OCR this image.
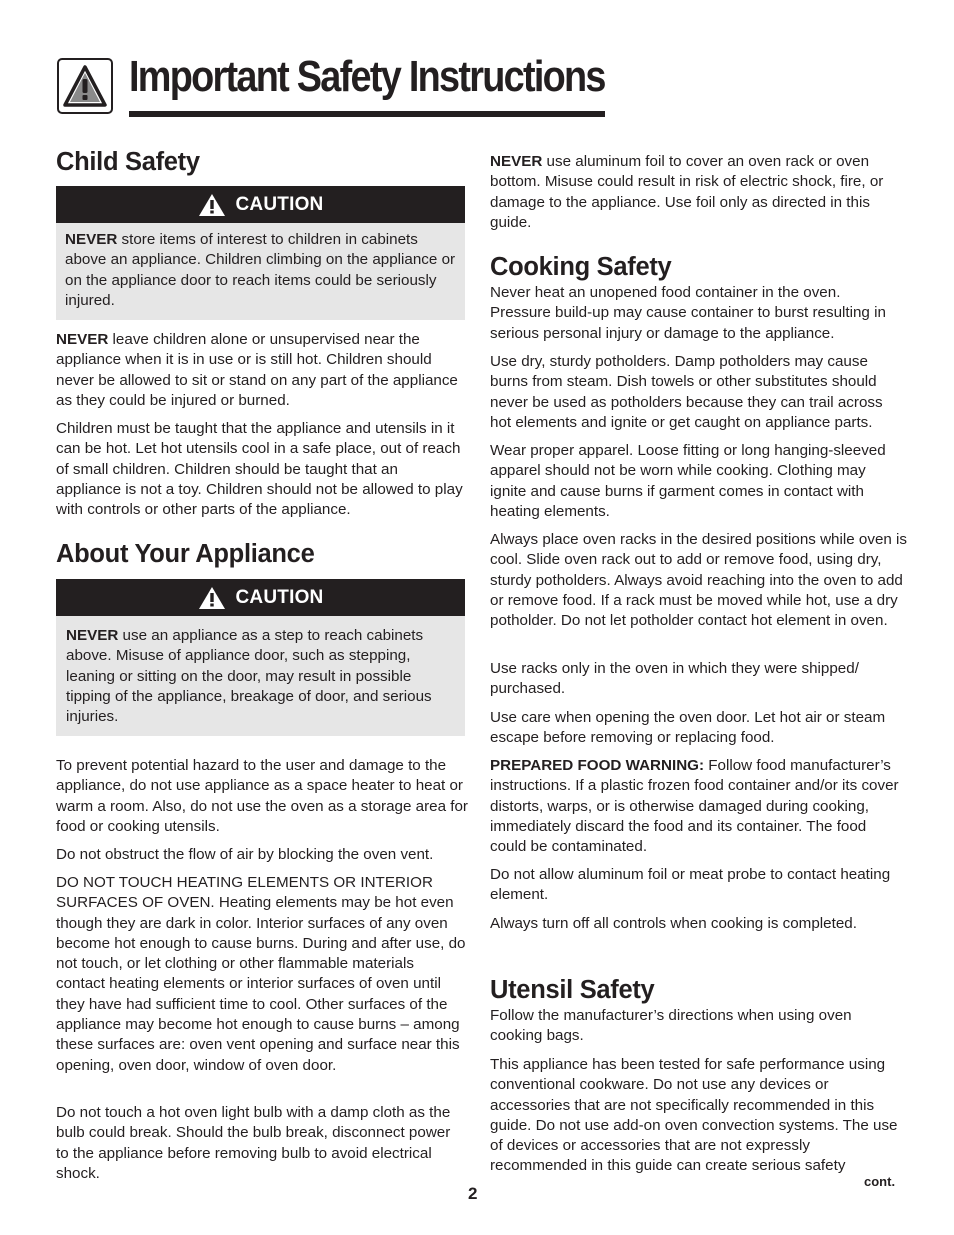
Important Safety Instructions
Child Safety
CAUTION

NEVER store items of interest to children in cabinets above an appliance. Children climbing on the appliance or on the appliance door to reach items could be seriously injured.

NEVER leave children alone or unsupervised near the appliance when it is in use or is still hot. Children should never be allowed to sit or stand on any part of the appliance as they could be injured or burned.

Children must be taught that the appliance and utensils in it can be hot. Let hot utensils cool in a safe place, out of reach of small children. Children should be taught that an appliance is not a toy. Children should not be allowed to play with controls or other parts of the appliance.

About Your Appliance
CAUTION

NEVER use an appliance as a step to reach cabinets above. Misuse of appliance door, such as stepping, leaning or sitting on the door, may result in possible tipping of the appliance, breakage of door, and serious injuries.

To prevent potential hazard to the user and damage to the appliance, do not use appliance as a space heater to heat or warm a room. Also, do not use the oven as a storage area for food or cooking utensils.

Do not obstruct the flow of air by blocking the oven vent.

DO NOT TOUCH HEATING ELEMENTS OR INTERIOR SURFACES OF OVEN. Heating elements may be hot even though they are dark in color. Interior surfaces of any oven become hot enough to cause burns. During and after use, do not touch, or let clothing or other flammable materials contact heating elements or interior surfaces of oven until they have had sufficient time to cool. Other surfaces of the appliance may become hot enough to cause burns – among these surfaces are: oven vent opening and surface near this opening, oven door, window of oven door.

Do not touch a hot oven light bulb with a damp cloth as the bulb could break. Should the bulb break, disconnect power to the appliance before removing bulb to avoid electrical shock.

NEVER use aluminum foil to cover an oven rack or oven bottom. Misuse could result in risk of electric shock, fire, or damage to the appliance. Use foil only as directed in this guide.

Cooking Safety

Never heat an unopened food container in the oven. Pressure build-up may cause container to burst resulting in serious personal injury or damage to the appliance.

Use dry, sturdy potholders. Damp potholders may cause burns from steam. Dish towels or other substitutes should never be used as potholders because they can trail across hot elements and ignite or get caught on appliance parts.

Wear proper apparel. Loose fitting or long hanging-sleeved apparel should not be worn while cooking. Clothing may ignite and cause burns if garment comes in contact with heating elements.

Always place oven racks in the desired positions while oven is cool. Slide oven rack out to add or remove food, using dry, sturdy potholders. Always avoid reaching into the oven to add or remove food. If a rack must be moved while hot, use a dry potholder. Do not let potholder contact hot element in oven.

Use racks only in the oven in which they were shipped/ purchased.

Use care when opening the oven door. Let hot air or steam escape before removing or replacing food.

PREPARED FOOD WARNING: Follow food manufacturer’s instructions. If a plastic frozen food container and/or its cover distorts, warps, or is otherwise damaged during cooking, immediately discard the food and its container. The food could be contaminated.

Do not allow aluminum foil or meat probe to contact heating element.

Always turn off all controls when cooking is completed.

Utensil Safety

Follow the manufacturer’s directions when using oven cooking bags.

This appliance has been tested for safe performance using conventional cookware. Do not use any devices or accessories that are not specifically recommended in this guide. Do not use add-on oven convection systems. The use of devices or accessories that are not expressly recommended in this guide can create serious safety

cont.
2
